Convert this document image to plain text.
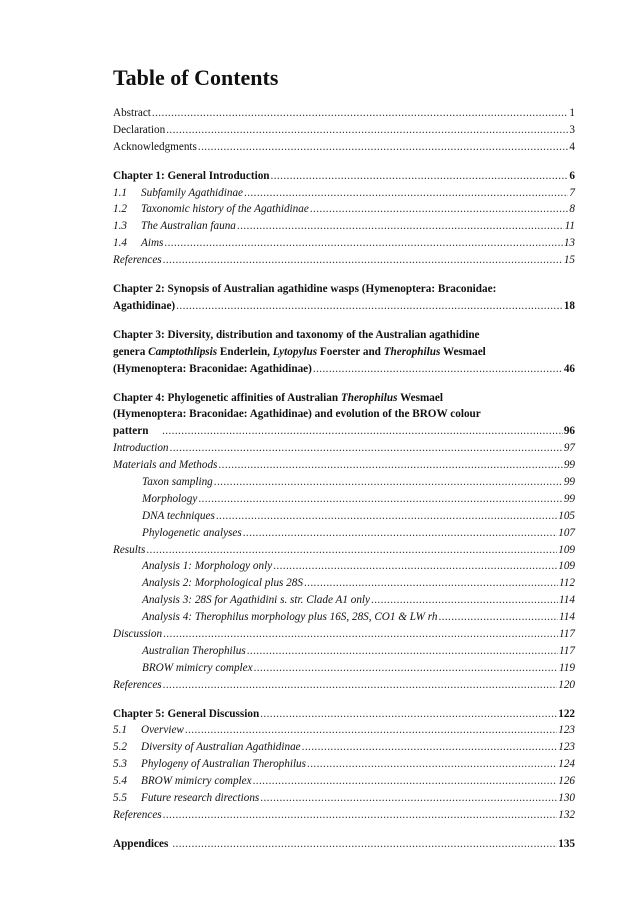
Table of Contents
Abstract .....	1
Declaration .....	3
Acknowledgments .....	4
Chapter 1: General Introduction .....	6
1.1 Subfamily Agathidinae .....	7
1.2 Taxonomic history of the Agathidinae .....	8
1.3 The Australian fauna .....	11
1.4 Aims .....	13
References .....	15
Chapter 2: Synopsis of Australian agathidine wasps (Hymenoptera: Braconidae:
Agathidinae) .....	18
Chapter 3: Diversity, distribution and taxonomy of the Australian agathidine
genera Camptothlipsis Enderlein, Lytopylus Foerster and Therophilus Wesmael
(Hymenoptera: Braconidae: Agathidinae) .....	46
Chapter 4: Phylogenetic affinities of Australian Therophilus Wesmael
(Hymenoptera: Braconidae: Agathidinae) and evolution of the BROW colour
pattern .....	96
Introduction .....	97
Materials and Methods .....	99
Taxon sampling .....	99
Morphology .....	99
DNA techniques .....	105
Phylogenetic analyses .....	107
Results .....	109
Analysis 1: Morphology only .....	109
Analysis 2: Morphological plus 28S .....	112
Analysis 3: 28S for Agathidini s. str. Clade A1 only .....	114
Analysis 4: Therophilus morphology plus 16S, 28S, CO1 & LW rh .....	114
Discussion .....	117
Australian Therophilus .....	117
BROW mimicry complex .....	119
References .....	120
Chapter 5: General Discussion .....	122
5.1 Overview .....	123
5.2 Diversity of Australian Agathidinae .....	123
5.3 Phylogeny of Australian Therophilus .....	124
5.4 BROW mimicry complex .....	126
5.5 Future research directions .....	130
References .....	132
Appendices .....	135
